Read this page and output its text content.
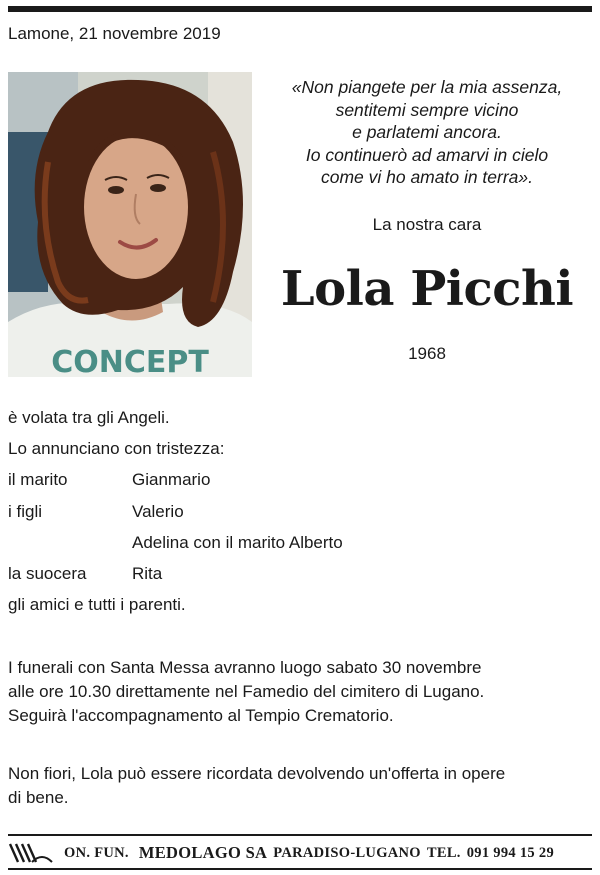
Lamone, 21 novembre 2019
CONCEPT
«Non piangete per la mia assenza,
sentitemi sempre vicino
e parlatemi ancora.
Io continuerò ad amarvi in cielo
come vi ho amato in terra».
La nostra cara
Lola Picchi
1968
è volata tra gli Angeli.
Lo annunciano con tristezza:
il marito	Gianmario
i figli	Valerio
Adelina con il marito Alberto
la suocera	Rita
gli amici e tutti i parenti.
I funerali con Santa Messa avranno luogo sabato 30 novembre
alle ore 10.30 direttamente nel Famedio del cimitero di Lugano.
Seguirà l'accompagnamento al Tempio Crematorio.
Non fiori, Lola può essere ricordata devolvendo un'offerta in opere
di bene.
ON. FUN. MEDOLAGO SA PARADISO-LUGANO TEL. 091 994 15 29
